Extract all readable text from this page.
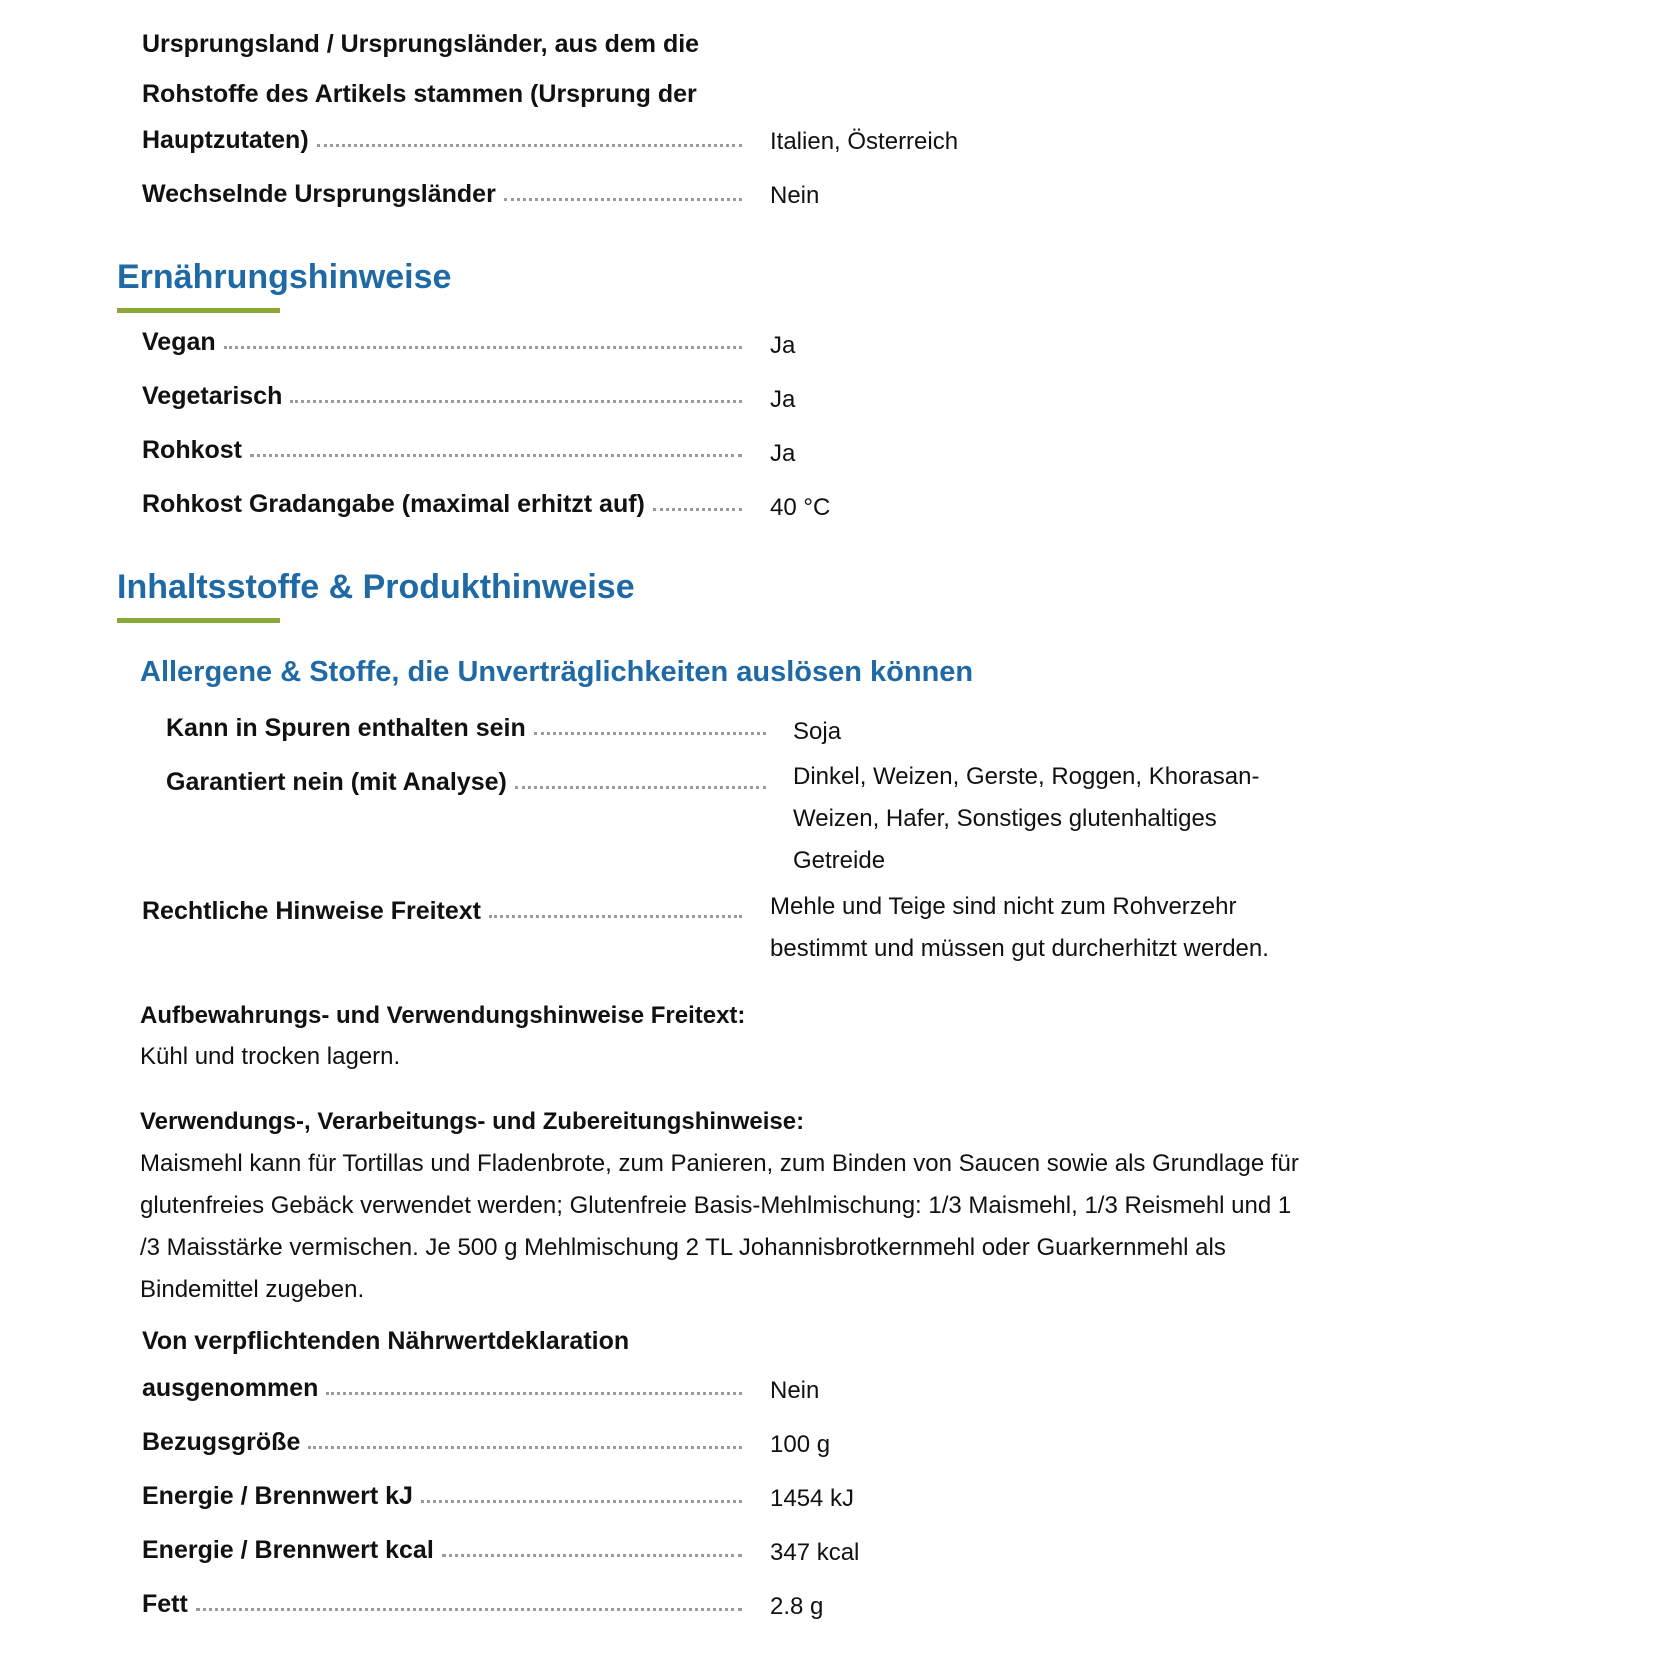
Ursprungsland / Ursprungsländer, aus dem die
Rohstoffe des Artikels stammen (Ursprung der
Hauptzutaten)	Italien, Österreich
Wechselnde Ursprungsländer	Nein
Ernährungshinweise
Vegan	Ja
Vegetarisch	Ja
Rohkost	Ja
Rohkost Gradangabe (maximal erhitzt auf)	40 °C
Inhaltsstoffe & Produkthinweise
Allergene & Stoffe, die Unverträglichkeiten auslösen können
Kann in Spuren enthalten sein	Soja
Garantiert nein (mit Analyse)	Dinkel, Weizen, Gerste, Roggen, Khorasan-
Weizen, Hafer, Sonstiges glutenhaltiges
Getreide
Rechtliche Hinweise Freitext	Mehle und Teige sind nicht zum Rohverzehr
bestimmt und müssen gut durcherhitzt werden.
Aufbewahrungs- und Verwendungshinweise Freitext:
Kühl und trocken lagern.
Verwendungs-, Verarbeitungs- und Zubereitungshinweise:
Maismehl kann für Tortillas und Fladenbrote, zum Panieren, zum Binden von Saucen sowie als Grundlage für
glutenfreies Gebäck verwendet werden; Glutenfreie Basis-Mehlmischung: 1/3 Maismehl, 1/3 Reismehl und 1
/3 Maisstärke vermischen. Je 500 g Mehlmischung 2 TL Johannisbrotkernmehl oder Guarkernmehl als
Bindemittel zugeben.
Von verpflichtenden Nährwertdeklaration
ausgenommen	Nein
Bezugsgröße	100 g
Energie / Brennwert kJ	1454 kJ
Energie / Brennwert kcal	347 kcal
Fett	2.8 g
